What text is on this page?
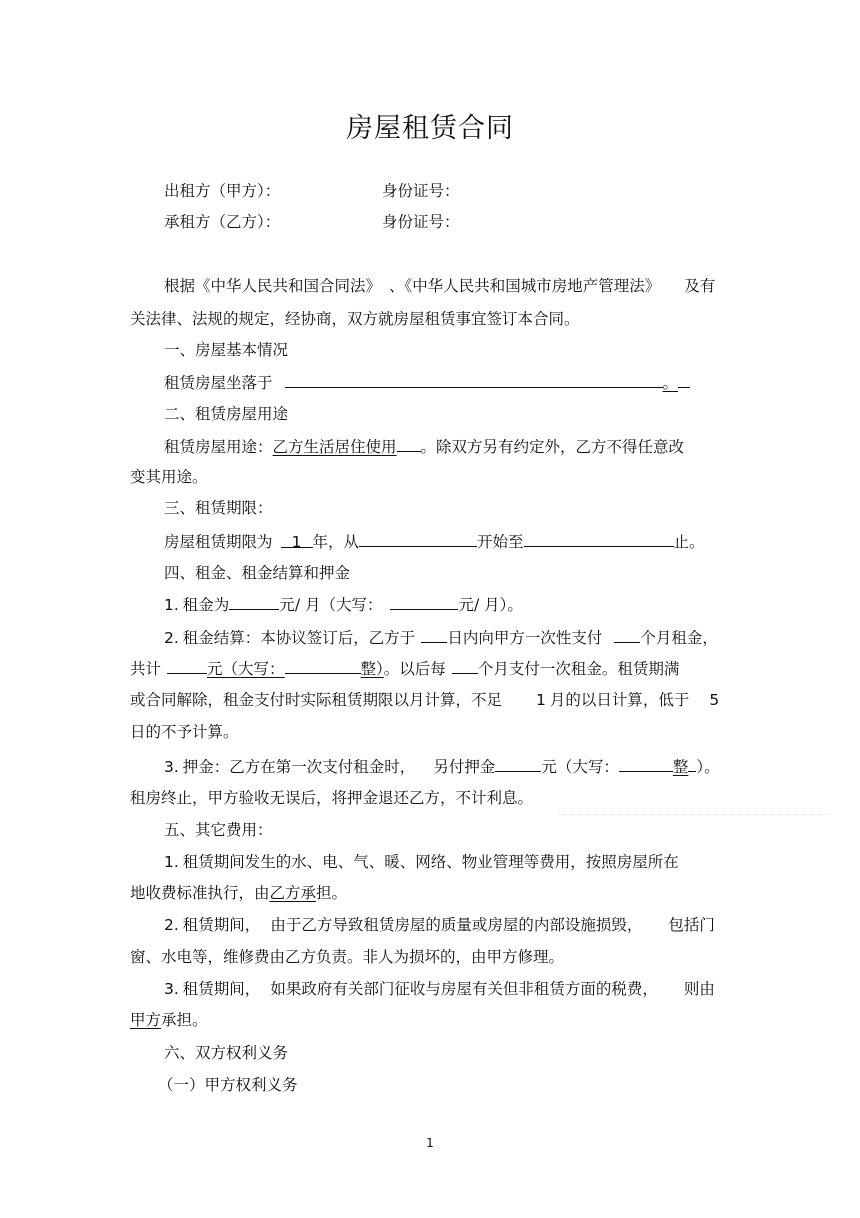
房屋租赁合同
出租方（甲方）：	身份证号：
承租方（乙方）：	身份证号：
根据《中华人民共和国合同法》 、《中华人民共和国城市房地产管理法》 及有
关法律、法规的规定，经协商，双方就房屋租赁事宜签订本合同。
一、房屋基本情况
租赁房屋坐落于	。
二、租赁房屋用途
租赁房屋用途：乙方生活居住使用 。除双方另有约定外，乙方不得任意改
变其用途。
三、租赁期限：
房屋租赁期限为 1 年，从	开始至	止。
四、租金、租金结算和押金
1. 租金为	元/ 月（大写：	元/ 月）。
2. 租金结算：本协议签订后，乙方于 日内向甲方一次性支付 个月租金，
共计	元（大写：	整）。以后每 个月支付一次租金。租赁期满
或合同解除，租金支付时实际租赁期限以月计算，不足 1 月的以日计算，低于 5
日的不予计算。
3. 押金：乙方在第一次支付租金时， 另付押金	元（大写：	整 ）。
租房终止，甲方验收无误后，将押金退还乙方，不计利息。
五、其它费用：
1. 租赁期间发生的水、电、气、暖、网络、物业管理等费用，按照房屋所在
地收费标准执行，由乙方承担。
2. 租赁期间， 由于乙方导致租赁房屋的质量或房屋的内部设施损毁， 包括门
窗、水电等，维修费由乙方负责。非人为损坏的，由甲方修理。
3. 租赁期间， 如果政府有关部门征收与房屋有关但非租赁方面的税费， 则由
甲方承担。
六、双方权利义务
（一）甲方权利义务
1
